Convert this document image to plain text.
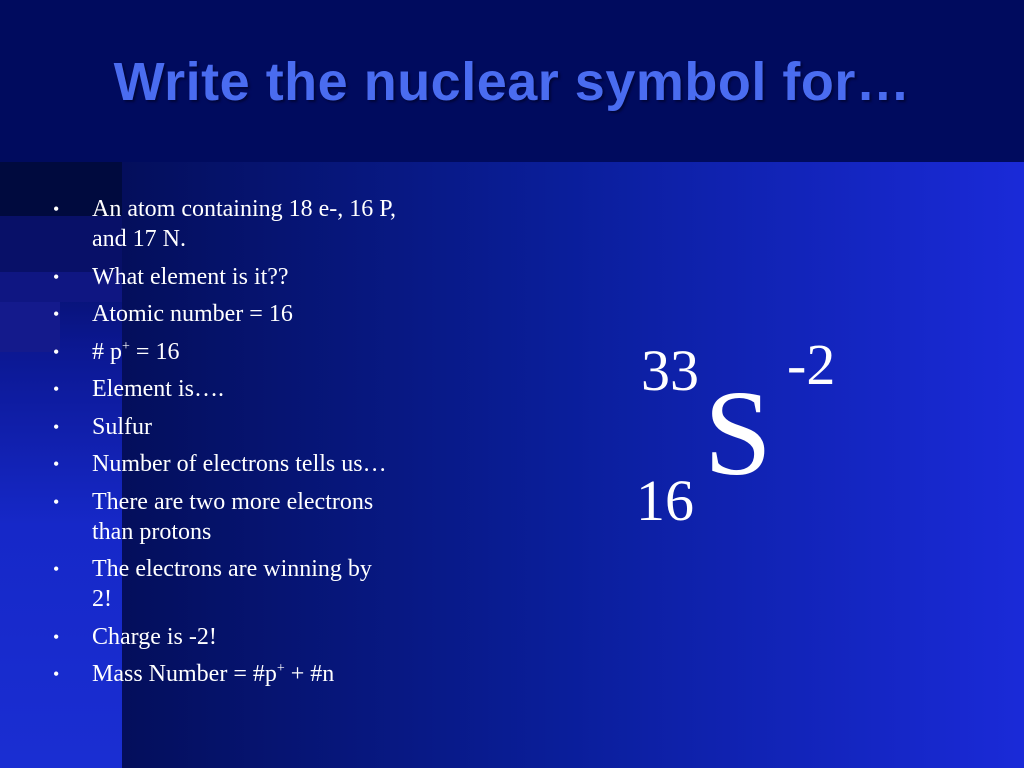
Write the nuclear symbol for…
• An atom containing 18 e-, 16 P,
and 17 N.
• What element is it??
• Atomic number = 16
• # p+ = 16
• Element is….
• Sulfur
• Number of electrons tells us…
• There are two more electrons
than protons
• The electrons are winning by
2!
• Charge is -2!
• Mass Number = #p+ + #n
33 -2
S
16
